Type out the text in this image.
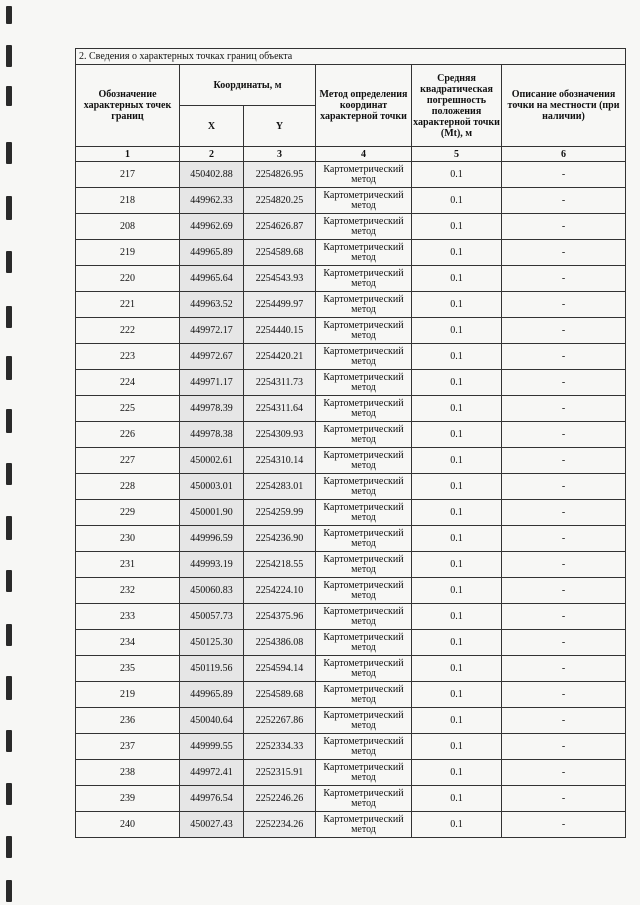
2. Сведения о характерных точках границ объекта					
Обозначение характерных точек границ	Координаты, м		Метод определения координат характерной точки	Средняя квадратическая погрешность положения характерной точки (Mt), м	Описание обозначения точки на местности (при наличии)
	X	Y			
1	2	3	4	5	6
217	450402.88	2254826.95	Картометрический метод	0.1	-
218	449962.33	2254820.25	Картометрический метод	0.1	-
208	449962.69	2254626.87	Картометрический метод	0.1	-
219	449965.89	2254589.68	Картометрический метод	0.1	-
220	449965.64	2254543.93	Картометрический метод	0.1	-
221	449963.52	2254499.97	Картометрический метод	0.1	-
222	449972.17	2254440.15	Картометрический метод	0.1	-
223	449972.67	2254420.21	Картометрический метод	0.1	-
224	449971.17	2254311.73	Картометрический метод	0.1	-
225	449978.39	2254311.64	Картометрический метод	0.1	-
226	449978.38	2254309.93	Картометрический метод	0.1	-
227	450002.61	2254310.14	Картометрический метод	0.1	-
228	450003.01	2254283.01	Картометрический метод	0.1	-
229	450001.90	2254259.99	Картометрический метод	0.1	-
230	449996.59	2254236.90	Картометрический метод	0.1	-
231	449993.19	2254218.55	Картометрический метод	0.1	-
232	450060.83	2254224.10	Картометрический метод	0.1	-
233	450057.73	2254375.96	Картометрический метод	0.1	-
234	450125.30	2254386.08	Картометрический метод	0.1	-
235	450119.56	2254594.14	Картометрический метод	0.1	-
219	449965.89	2254589.68	Картометрический метод	0.1	-
236	450040.64	2252267.86	Картометрический метод	0.1	-
237	449999.55	2252334.33	Картометрический метод	0.1	-
238	449972.41	2252315.91	Картометрический метод	0.1	-
239	449976.54	2252246.26	Картометрический метод	0.1	-
240	450027.43	2252234.26	Картометрический метод	0.1	-
